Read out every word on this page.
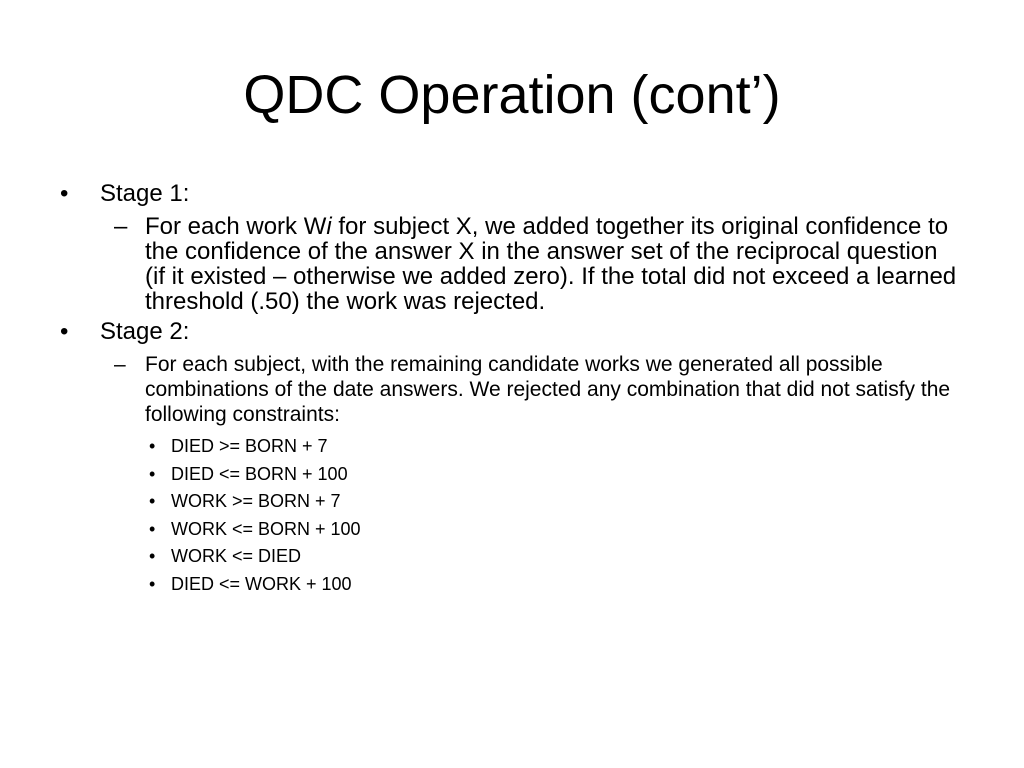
QDC Operation (cont’)
• Stage 1:
– For each work Wi for subject X, we added together its original confidence to the confidence of the answer X in the answer set of the reciprocal question (if it existed – otherwise we added zero). If the total did not exceed a learned threshold (.50) the work was rejected.
• Stage 2:
– For each subject, with the remaining candidate works we generated all possible combinations of the date answers. We rejected any combination that did not satisfy the following constraints:
• DIED >= BORN + 7
• DIED <= BORN + 100
• WORK >= BORN + 7
• WORK <= BORN + 100
• WORK <= DIED
• DIED <= WORK + 100
